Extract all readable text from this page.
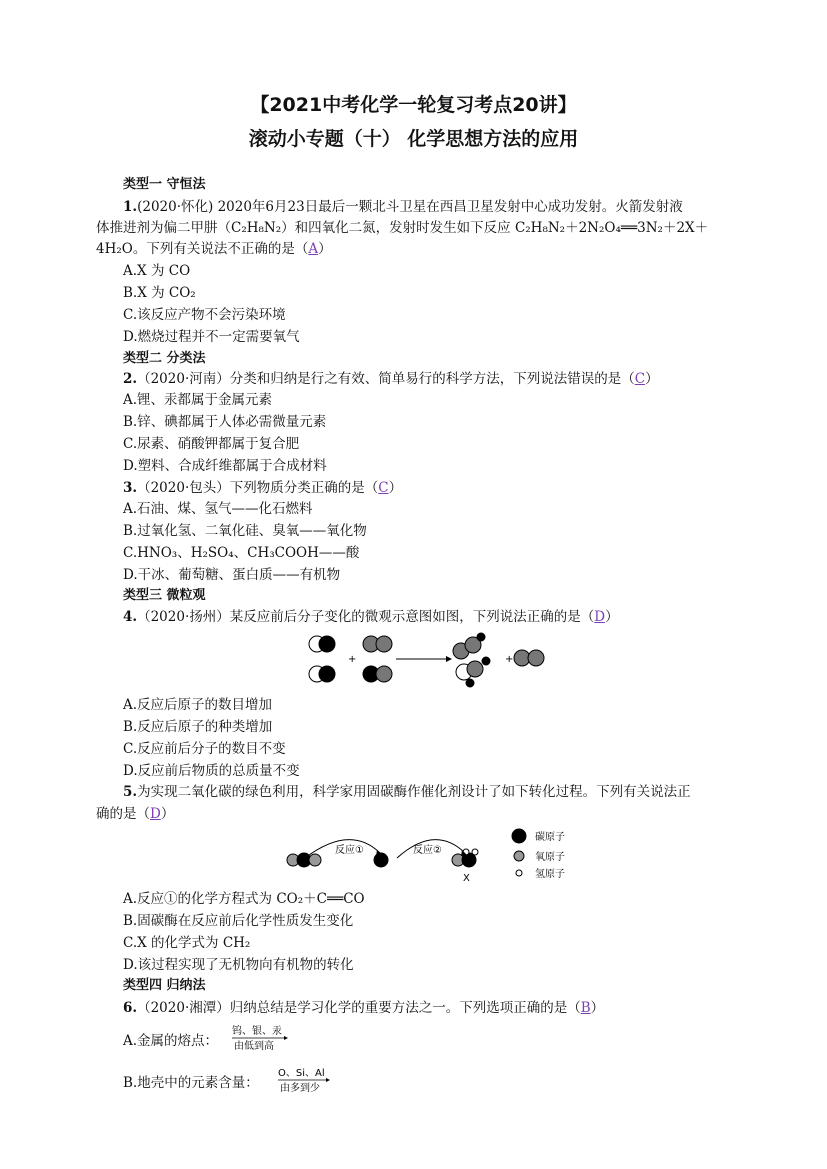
【2021中考化学一轮复习考点20讲】
滚动小专题（十） 化学思想方法的应用
类型一 守恒法
1.(2020·怀化) 2020年6月23日最后一颗北斗卫星在西昌卫星发射中心成功发射。火箭发射液
体推进剂为偏二甲肼（C₂H₈N₂）和四氧化二氮，发射时发生如下反应 C₂H₈N₂＋2N₂O₄══3N₂＋2X＋
4H₂O。下列有关说法不正确的是（A）
A.X 为 CO
B.X 为 CO₂
C.该反应产物不会污染环境
D.燃烧过程并不一定需要氧气
类型二 分类法
2.（2020·河南）分类和归纳是行之有效、简单易行的科学方法，下列说法错误的是（C）
A.锂、汞都属于金属元素
B.锌、碘都属于人体必需微量元素
C.尿素、硝酸钾都属于复合肥
D.塑料、合成纤维都属于合成材料
3.（2020·包头）下列物质分类正确的是（C）
A.石油、煤、氢气——化石燃料
B.过氧化氢、二氧化硅、臭氧——氧化物
C.HNO₃、H₂SO₄、CH₃COOH——酸
D.干冰、葡萄糖、蛋白质——有机物
类型三 微粒观
4.（2020·扬州）某反应前后分子变化的微观示意图如图，下列说法正确的是（D）
+	+
A.反应后原子的数目增加
B.反应后原子的种类增加
C.反应前后分子的数目不变
D.反应前后物质的总质量不变
5.为实现二氧化碳的绿色利用，科学家用固碳酶作催化剂设计了如下转化过程。下列有关说法正
确的是（D）
反应①	反应②
X
碳原子
氧原子
氢原子
A.反应①的化学方程式为 CO₂＋C══CO
B.固碳酶在反应前后化学性质发生变化
C.X 的化学式为 CH₂
D.该过程实现了无机物向有机物的转化
类型四 归纳法
6.（2020·湘潭）归纳总结是学习化学的重要方法之一。下列选项正确的是（B）
A.金属的熔点：
钨、银、汞
由低到高
B.地壳中的元素含量：
O、Si、Al
由多到少
